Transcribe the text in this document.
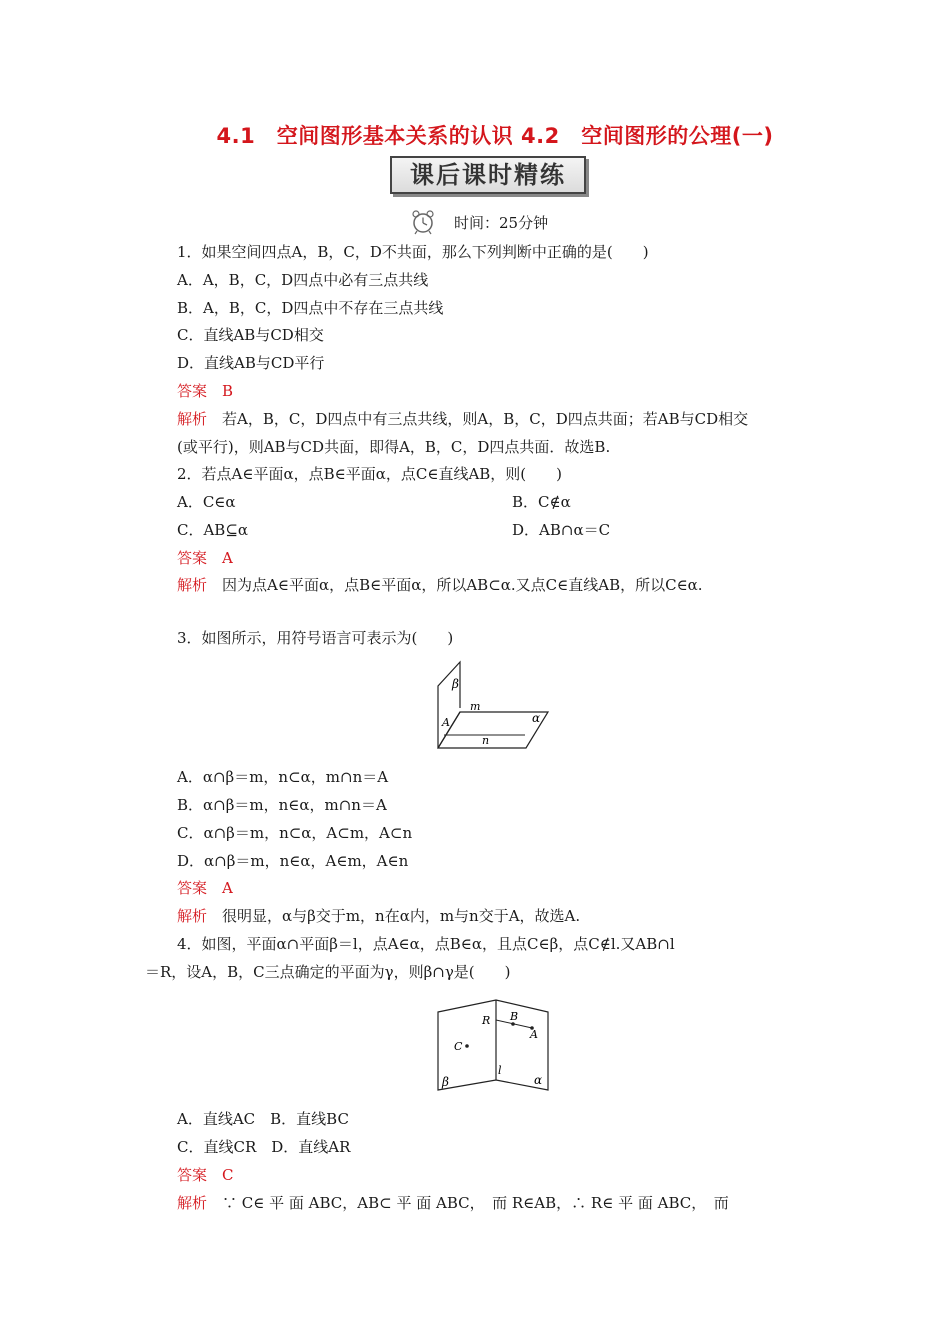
4.1　空间图形基本关系的认识 4.2　空间图形的公理(一)
课后课时精练
时间：25分钟
1．如果空间四点A，B，C，D不共面，那么下列判断中正确的是(　　)
A．A，B，C，D四点中必有三点共线
B．A，B，C，D四点中不存在三点共线
C．直线AB与CD相交
D．直线AB与CD平行
答案　B
解析　若A，B，C，D四点中有三点共线，则A，B，C，D四点共面；若AB与CD相交
(或平行)，则AB与CD共面，即得A，B，C，D四点共面．故选B.
2．若点A∈平面α，点B∈平面α，点C∈直线AB，则(　　)
A．C∈α	B．C∉α
C．AB⊆α	D．AB∩α＝C
答案　A
解析　因为点A∈平面α，点B∈平面α，所以AB⊂α.又点C∈直线AB，所以C∈α.
3．如图所示，用符号语言可表示为(　　)
β
m
A
n
α
A．α∩β＝m，n⊂α，m∩n＝A
B．α∩β＝m，n∈α，m∩n＝A
C．α∩β＝m，n⊂α，A⊂m，A⊂n
D．α∩β＝m，n∈α，A∈m，A∈n
答案　A
解析　很明显，α与β交于m，n在α内，m与n交于A，故选A.
4．如图，平面α∩平面β＝l，点A∈α，点B∈α，且点C∈β，点C∉l.又AB∩l
＝R，设A，B，C三点确定的平面为γ，则β∩γ是(　　)
R B
A
C
β
l
α
A．直线AC　B．直线BC
C．直线CR　D．直线AR
答案　C
解析　∵ C∈ 平 面 ABC，AB⊂ 平 面 ABC，　而 R∈AB，∴ R∈ 平 面 ABC，　而
